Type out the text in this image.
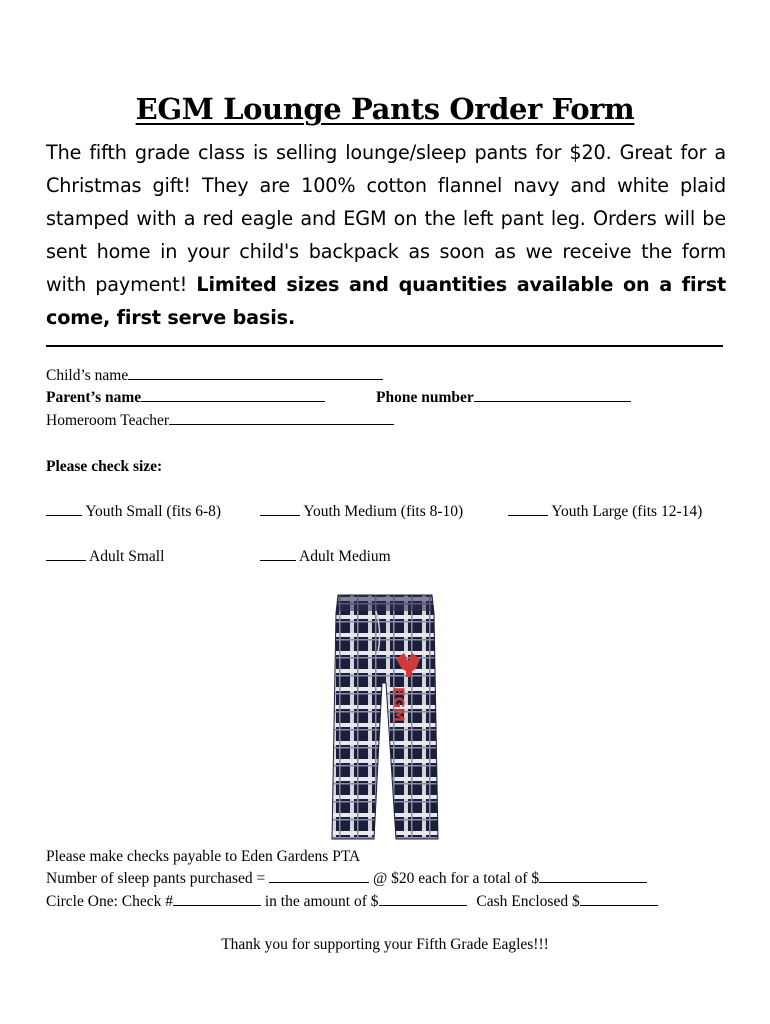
EGM Lounge Pants Order Form
The fifth grade class is selling lounge/sleep pants for $20. Great for a Christmas gift! They are 100% cotton flannel navy and white plaid stamped with a red eagle and EGM on the left pant leg. Orders will be sent home in your child's backpack as soon as we receive the form with payment! Limited sizes and quantities available on a first come, first serve basis.
Child’s name
Parent’s name	Phone number
Homeroom Teacher
Please check size:
Youth Small (fits 6-8)	Youth Medium (fits 8-10)	Youth Large (fits 12-14)
Adult Small	Adult Medium
EGM
Please make checks payable to Eden Gardens PTA
Number of sleep pants purchased =	@ $20 each for a total of $
Circle One: Check #	in the amount of $	Cash Enclosed $
Thank you for supporting your Fifth Grade Eagles!!!
